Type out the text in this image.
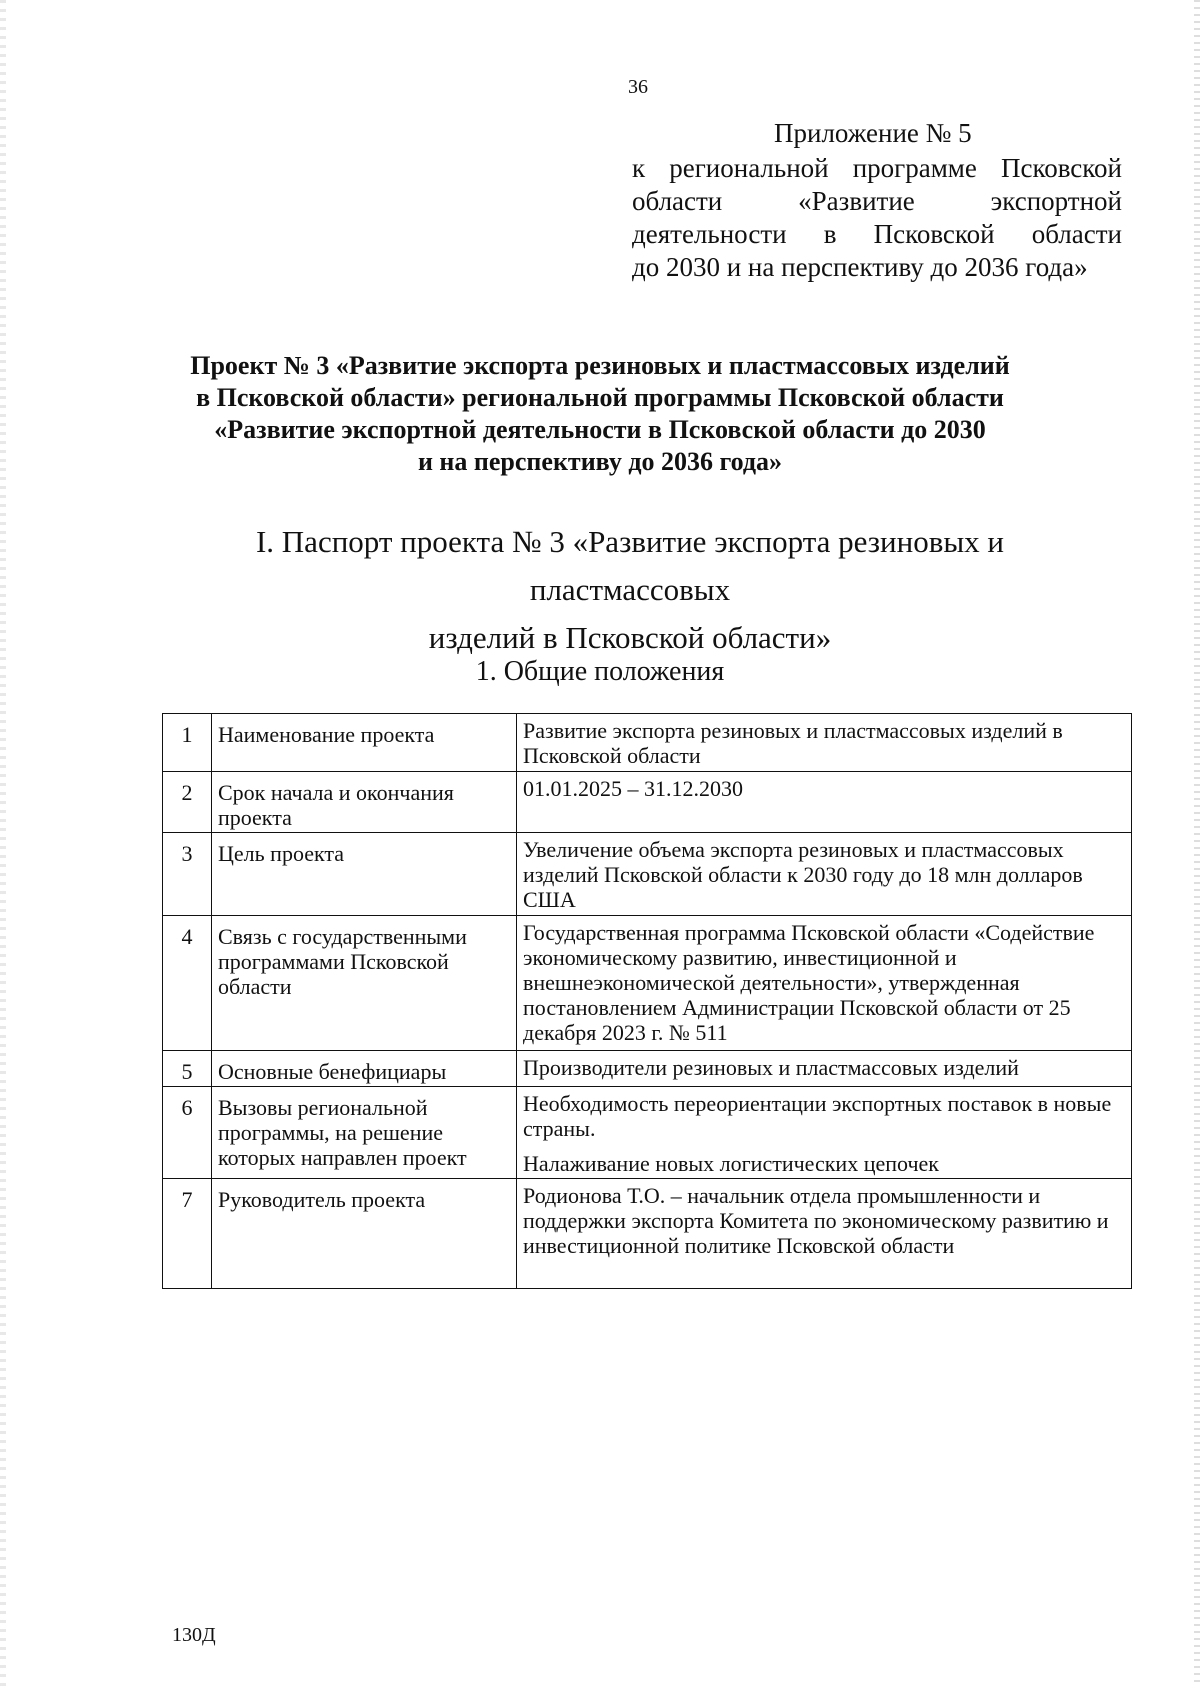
36
Приложение № 5
к региональной программе Псковской
области «Развитие экспортной
деятельности в Псковской области
до 2030 и на перспективу до 2036 года»
Проект № 3 «Развитие экспорта резиновых и пластмассовых изделий
в Псковской области» региональной программы Псковской области
«Развитие экспортной деятельности в Псковской области до 2030
и на перспективу до 2036 года»
I. Паспорт проекта № 3 «Развитие экспорта резиновых и пластмассовых
изделий в Псковской области»
1. Общие положения
1	Наименование проекта	Развитие экспорта резиновых и пластмассовых изделий в Псковской области

2	Срок начала и окончания проекта	01.01.2025 – 31.12.2030

3	Цель проекта	Увеличение объема экспорта резиновых и пластмассовых изделий Псковской области к 2030 году до 18 млн долларов США

4	Связь с государственными программами Псковской области	Государственная программа Псковской области «Содействие экономическому развитию, инвестиционной и внешнеэкономической деятельности», утвержденная постановлением Администрации Псковской области от 25 декабря 2023 г. № 511

5	Основные бенефициары	Производители резиновых и пластмассовых изделий

6	Вызовы региональной программы, на решение которых направлен проект	Необходимость переориентации экспортных поставок в новые страны.
Налаживание новых логистических цепочек

7	Руководитель проекта	Родионова Т.О. – начальник отдела промышленности и поддержки экспорта Комитета по экономическому развитию и инвестиционной политике Псковской области
130Д
